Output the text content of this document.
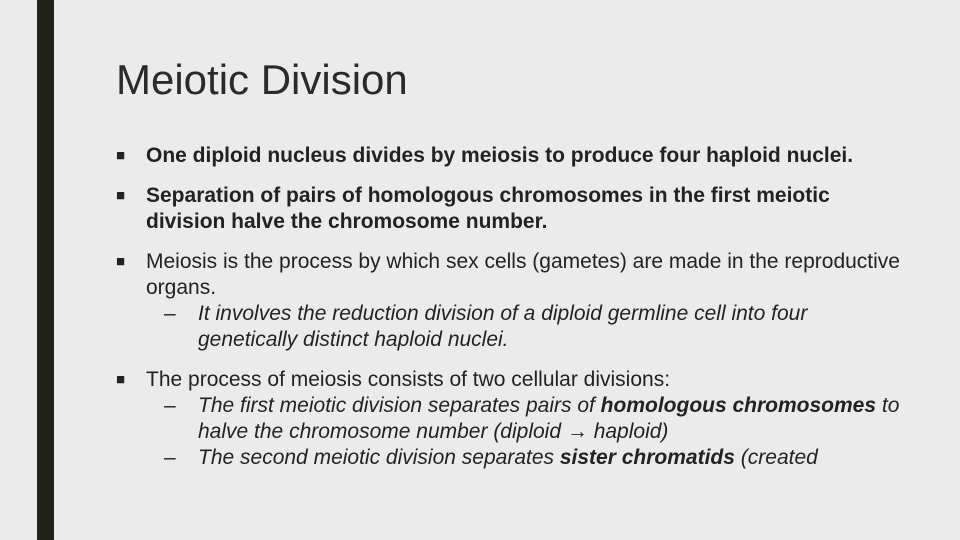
Meiotic Division
■ One diploid nucleus divides by meiosis to produce four haploid nuclei.
■ Separation of pairs of homologous chromosomes in the first meiotic division halve the chromosome number.
■ Meiosis is the process by which sex cells (gametes) are made in the reproductive organs.
– It involves the reduction division of a diploid germline cell into four genetically distinct haploid nuclei.
■ The process of meiosis consists of two cellular divisions:
– The first meiotic division separates pairs of homologous chromosomes to halve the chromosome number (diploid → haploid)
– The second meiotic division separates sister chromatids (created
